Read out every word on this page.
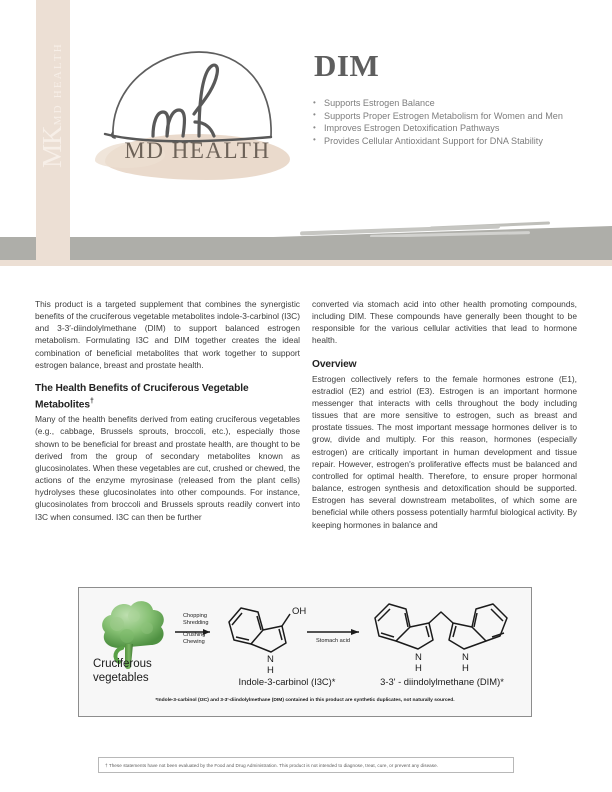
MK
MD HEALTH
MD HEALTH
DIM
• Supports Estrogen Balance
• Supports Proper Estrogen Metabolism for Women and Men
• Improves Estrogen Detoxification Pathways
• Provides Cellular Antioxidant Support for DNA Stability

This product is a targeted supplement that combines the synergistic benefits of the cruciferous vegetable metabolites indole-3-carbinol (I3C) and 3-3′-diindolylmethane (DIM) to support balanced estrogen metabolism. Formulating I3C and DIM together creates the ideal combination of beneficial metabolites that work together to support estrogen balance, breast and prostate health.

The Health Benefits of Cruciferous Vegetable Metabolites†

Many of the health benefits derived from eating cruciferous vegetables (e.g., cabbage, Brussels sprouts, broccoli, etc.), especially those shown to be beneficial for breast and prostate health, are thought to be derived from the group of secondary metabolites known as glucosinolates. When these vegetables are cut, crushed or chewed, the actions of the enzyme myrosinase (released from the plant cells) hydrolyses these glucosinolates into other compounds. For instance, glucosinolates from broccoli and Brussels sprouts readily convert into I3C when consumed. I3C can then be further

converted via stomach acid into other health promoting compounds, including DIM. These compounds have generally been thought to be responsible for the various cellular activities that lead to hormone health.

Overview

Estrogen collectively refers to the female hormones estrone (E1), estradiol (E2) and estriol (E3). Estrogen is an important hormone messenger that interacts with cells throughout the body including tissues that are more sensitive to estrogen, such as breast and prostate tissues. The most important message hormones deliver is to grow, divide and multiply. For this reason, hormones (especially estrogen) are critically important in human development and tissue repair. However, estrogen's proliferative effects must be balanced and controlled for optimal health. Therefore, to ensure proper hormonal balance, estrogen synthesis and detoxification should be supported. Estrogen has several downstream metabolites, of which some are beneficial while others possess potentially harmful biological activity. By keeping hormones in balance and

OH
N
H
N
H
N
H
Chopping
Shredding
Crushing
Chewing	Stomach acid
Cruciferous vegetables	Indole-3-carbinol (I3C)*	3-3' - diindolylmethane (DIM)*
*Indole-3-carbinol (I3C) and 3-3'-diindolylmethane (DIM) contained in this product are synthetic duplicates, not naturally sourced.
† These statements have not been evaluated by the Food and Drug Administration. This product is not intended to diagnose, treat, cure, or prevent any disease.
